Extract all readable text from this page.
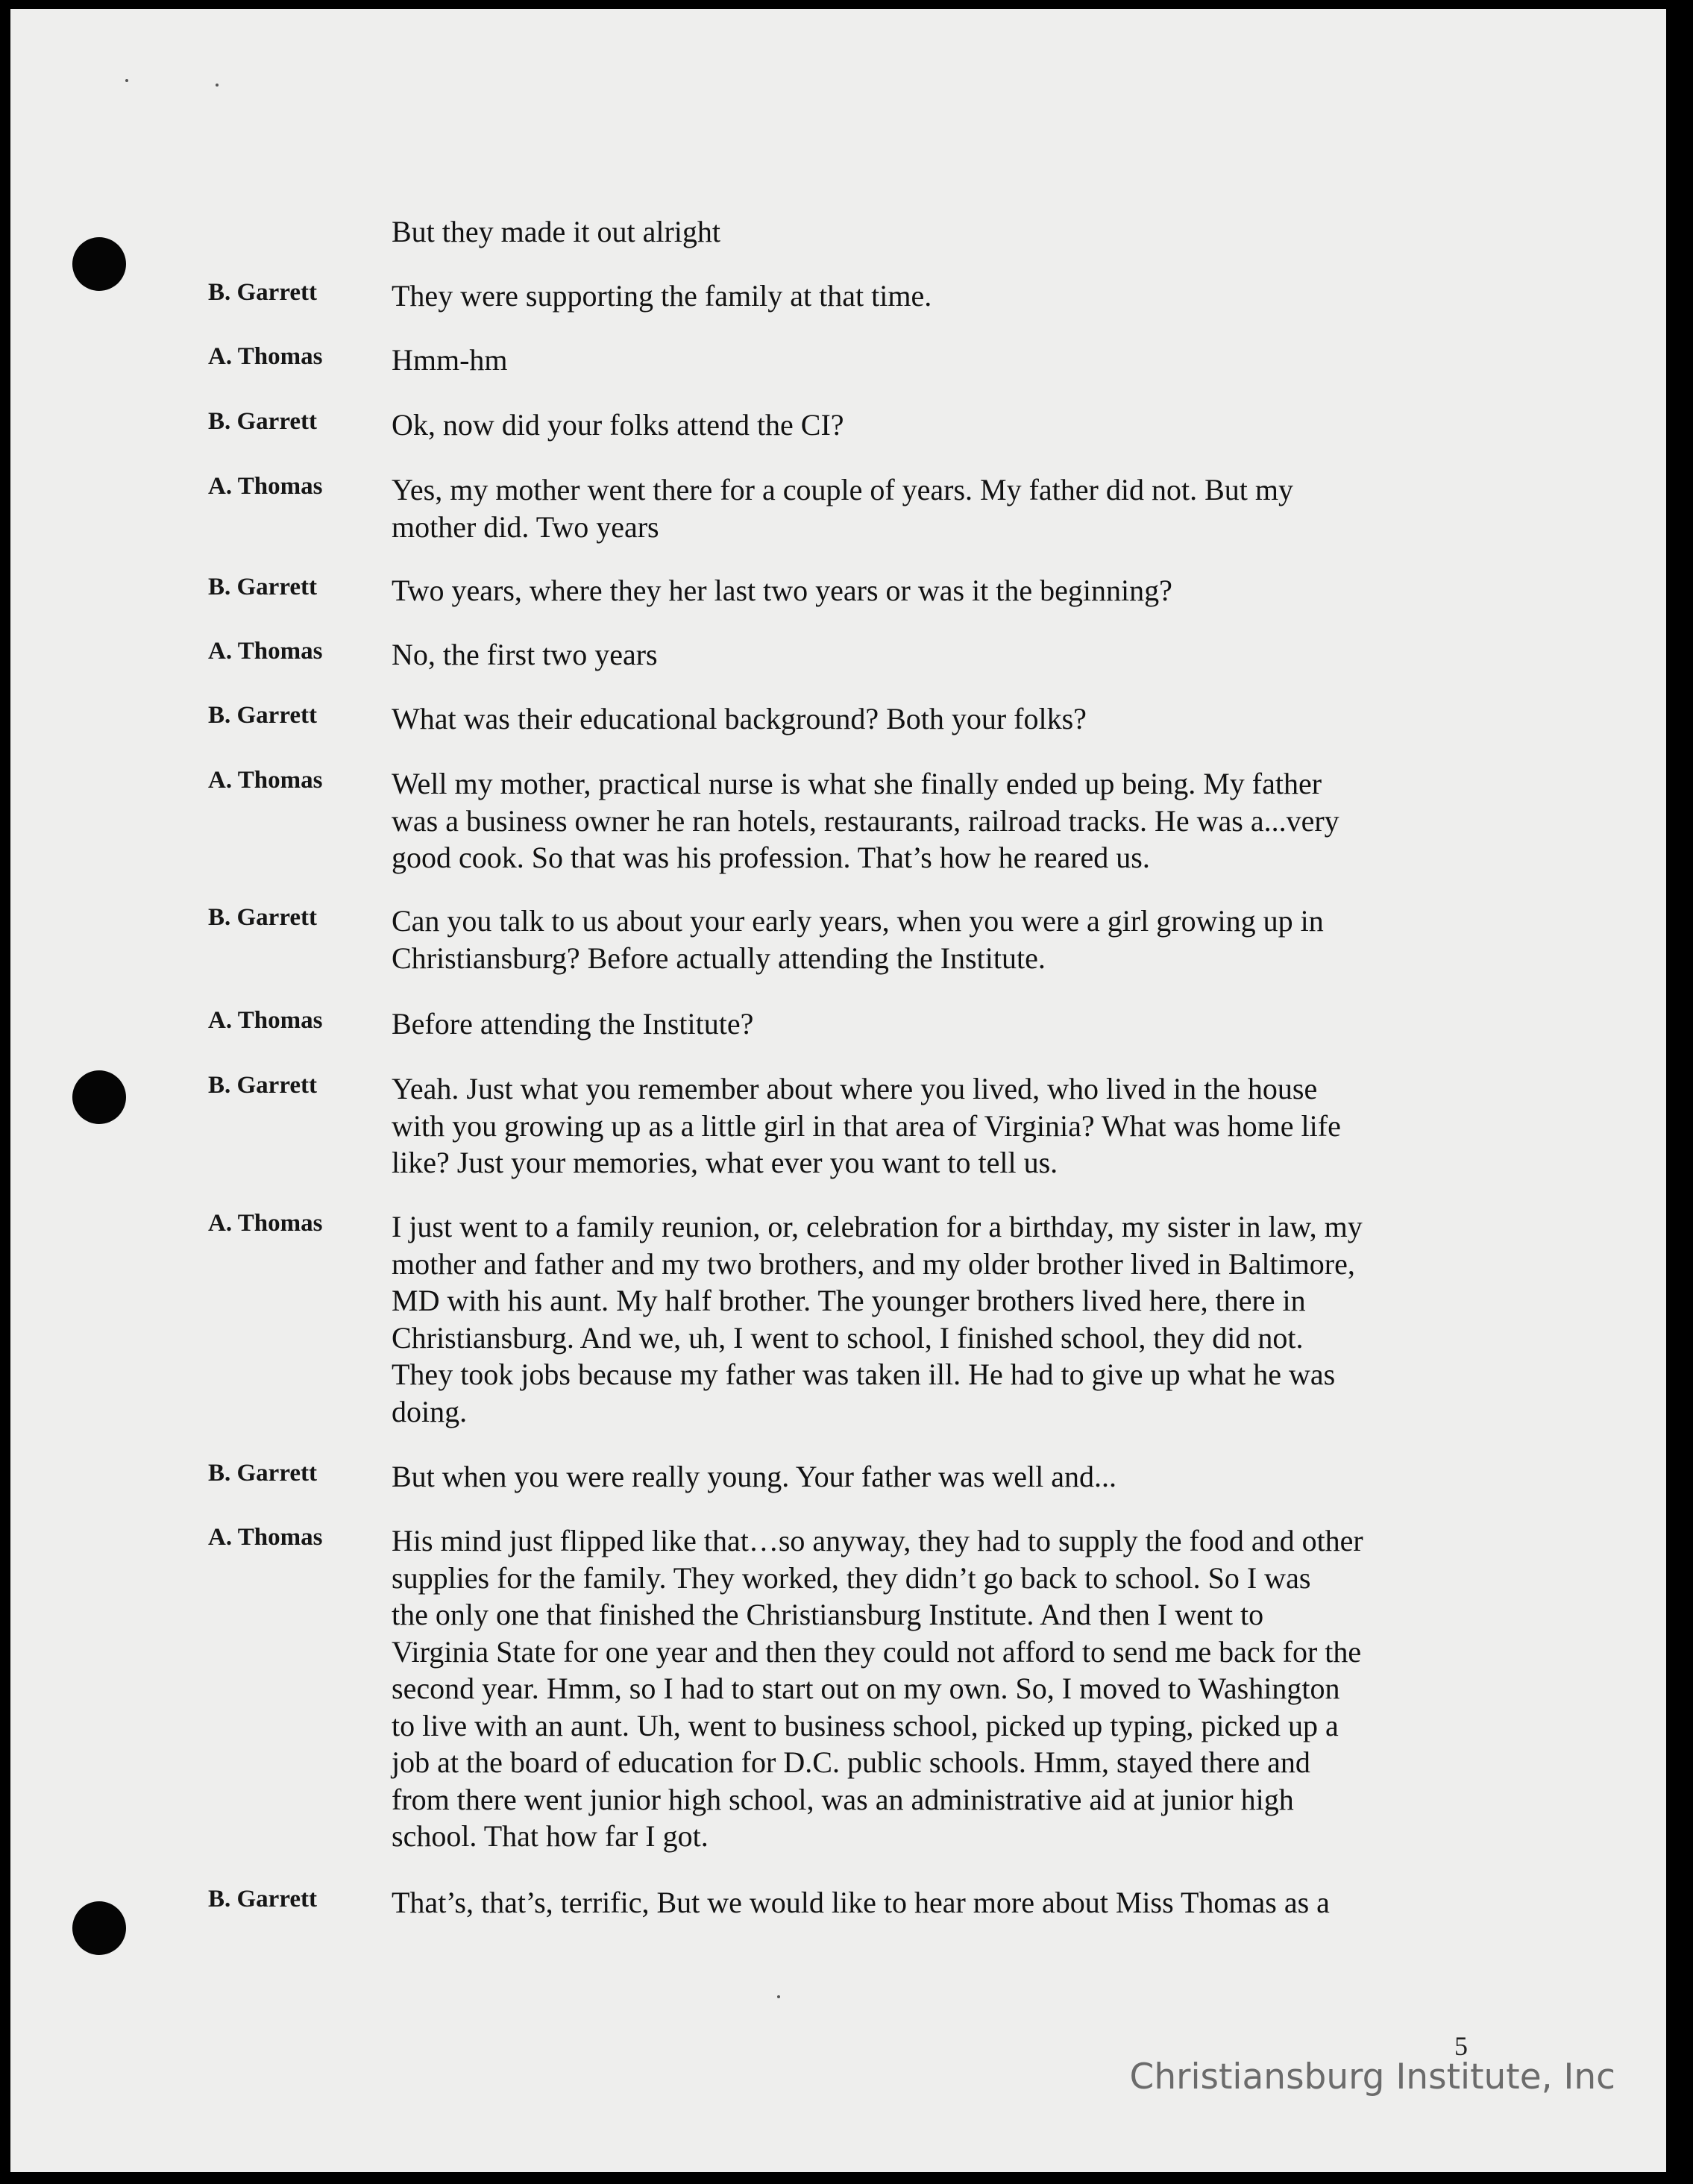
But they made it out alright

B. Garrett They were supporting the family at that time.

A. Thomas Hmm-hm

B. Garrett Ok, now did your folks attend the CI?

A. Thomas Yes, my mother went there for a couple of years. My father did not. But my
mother did. Two years

B. Garrett Two years, where they her last two years or was it the beginning?

A. Thomas No, the first two years

B. Garrett What was their educational background? Both your folks?

A. Thomas Well my mother, practical nurse is what she finally ended up being. My father
was a business owner he ran hotels, restaurants, railroad tracks. He was a...very
good cook. So that was his profession. That’s how he reared us.

B. Garrett Can you talk to us about your early years, when you were a girl growing up in
Christiansburg? Before actually attending the Institute.

A. Thomas Before attending the Institute?

B. Garrett Yeah. Just what you remember about where you lived, who lived in the house
with you growing up as a little girl in that area of Virginia? What was home life
like? Just your memories, what ever you want to tell us.

A. Thomas I just went to a family reunion, or, celebration for a birthday, my sister in law, my
mother and father and my two brothers, and my older brother lived in Baltimore,
MD with his aunt. My half brother. The younger brothers lived here, there in
Christiansburg. And we, uh, I went to school, I finished school, they did not.
They took jobs because my father was taken ill. He had to give up what he was
doing.

B. Garrett But when you were really young. Your father was well and...

A. Thomas His mind just flipped like that…so anyway, they had to supply the food and other
supplies for the family. They worked, they didn’t go back to school. So I was
the only one that finished the Christiansburg Institute. And then I went to
Virginia State for one year and then they could not afford to send me back for the
second year. Hmm, so I had to start out on my own. So, I moved to Washington
to live with an aunt. Uh, went to business school, picked up typing, picked up a
job at the board of education for D.C. public schools. Hmm, stayed there and
from there went junior high school, was an administrative aid at junior high
school. That how far I got.

B. Garrett That’s, that’s, terrific, But we would like to hear more about Miss Thomas as a

5
Christiansburg Institute, Inc
